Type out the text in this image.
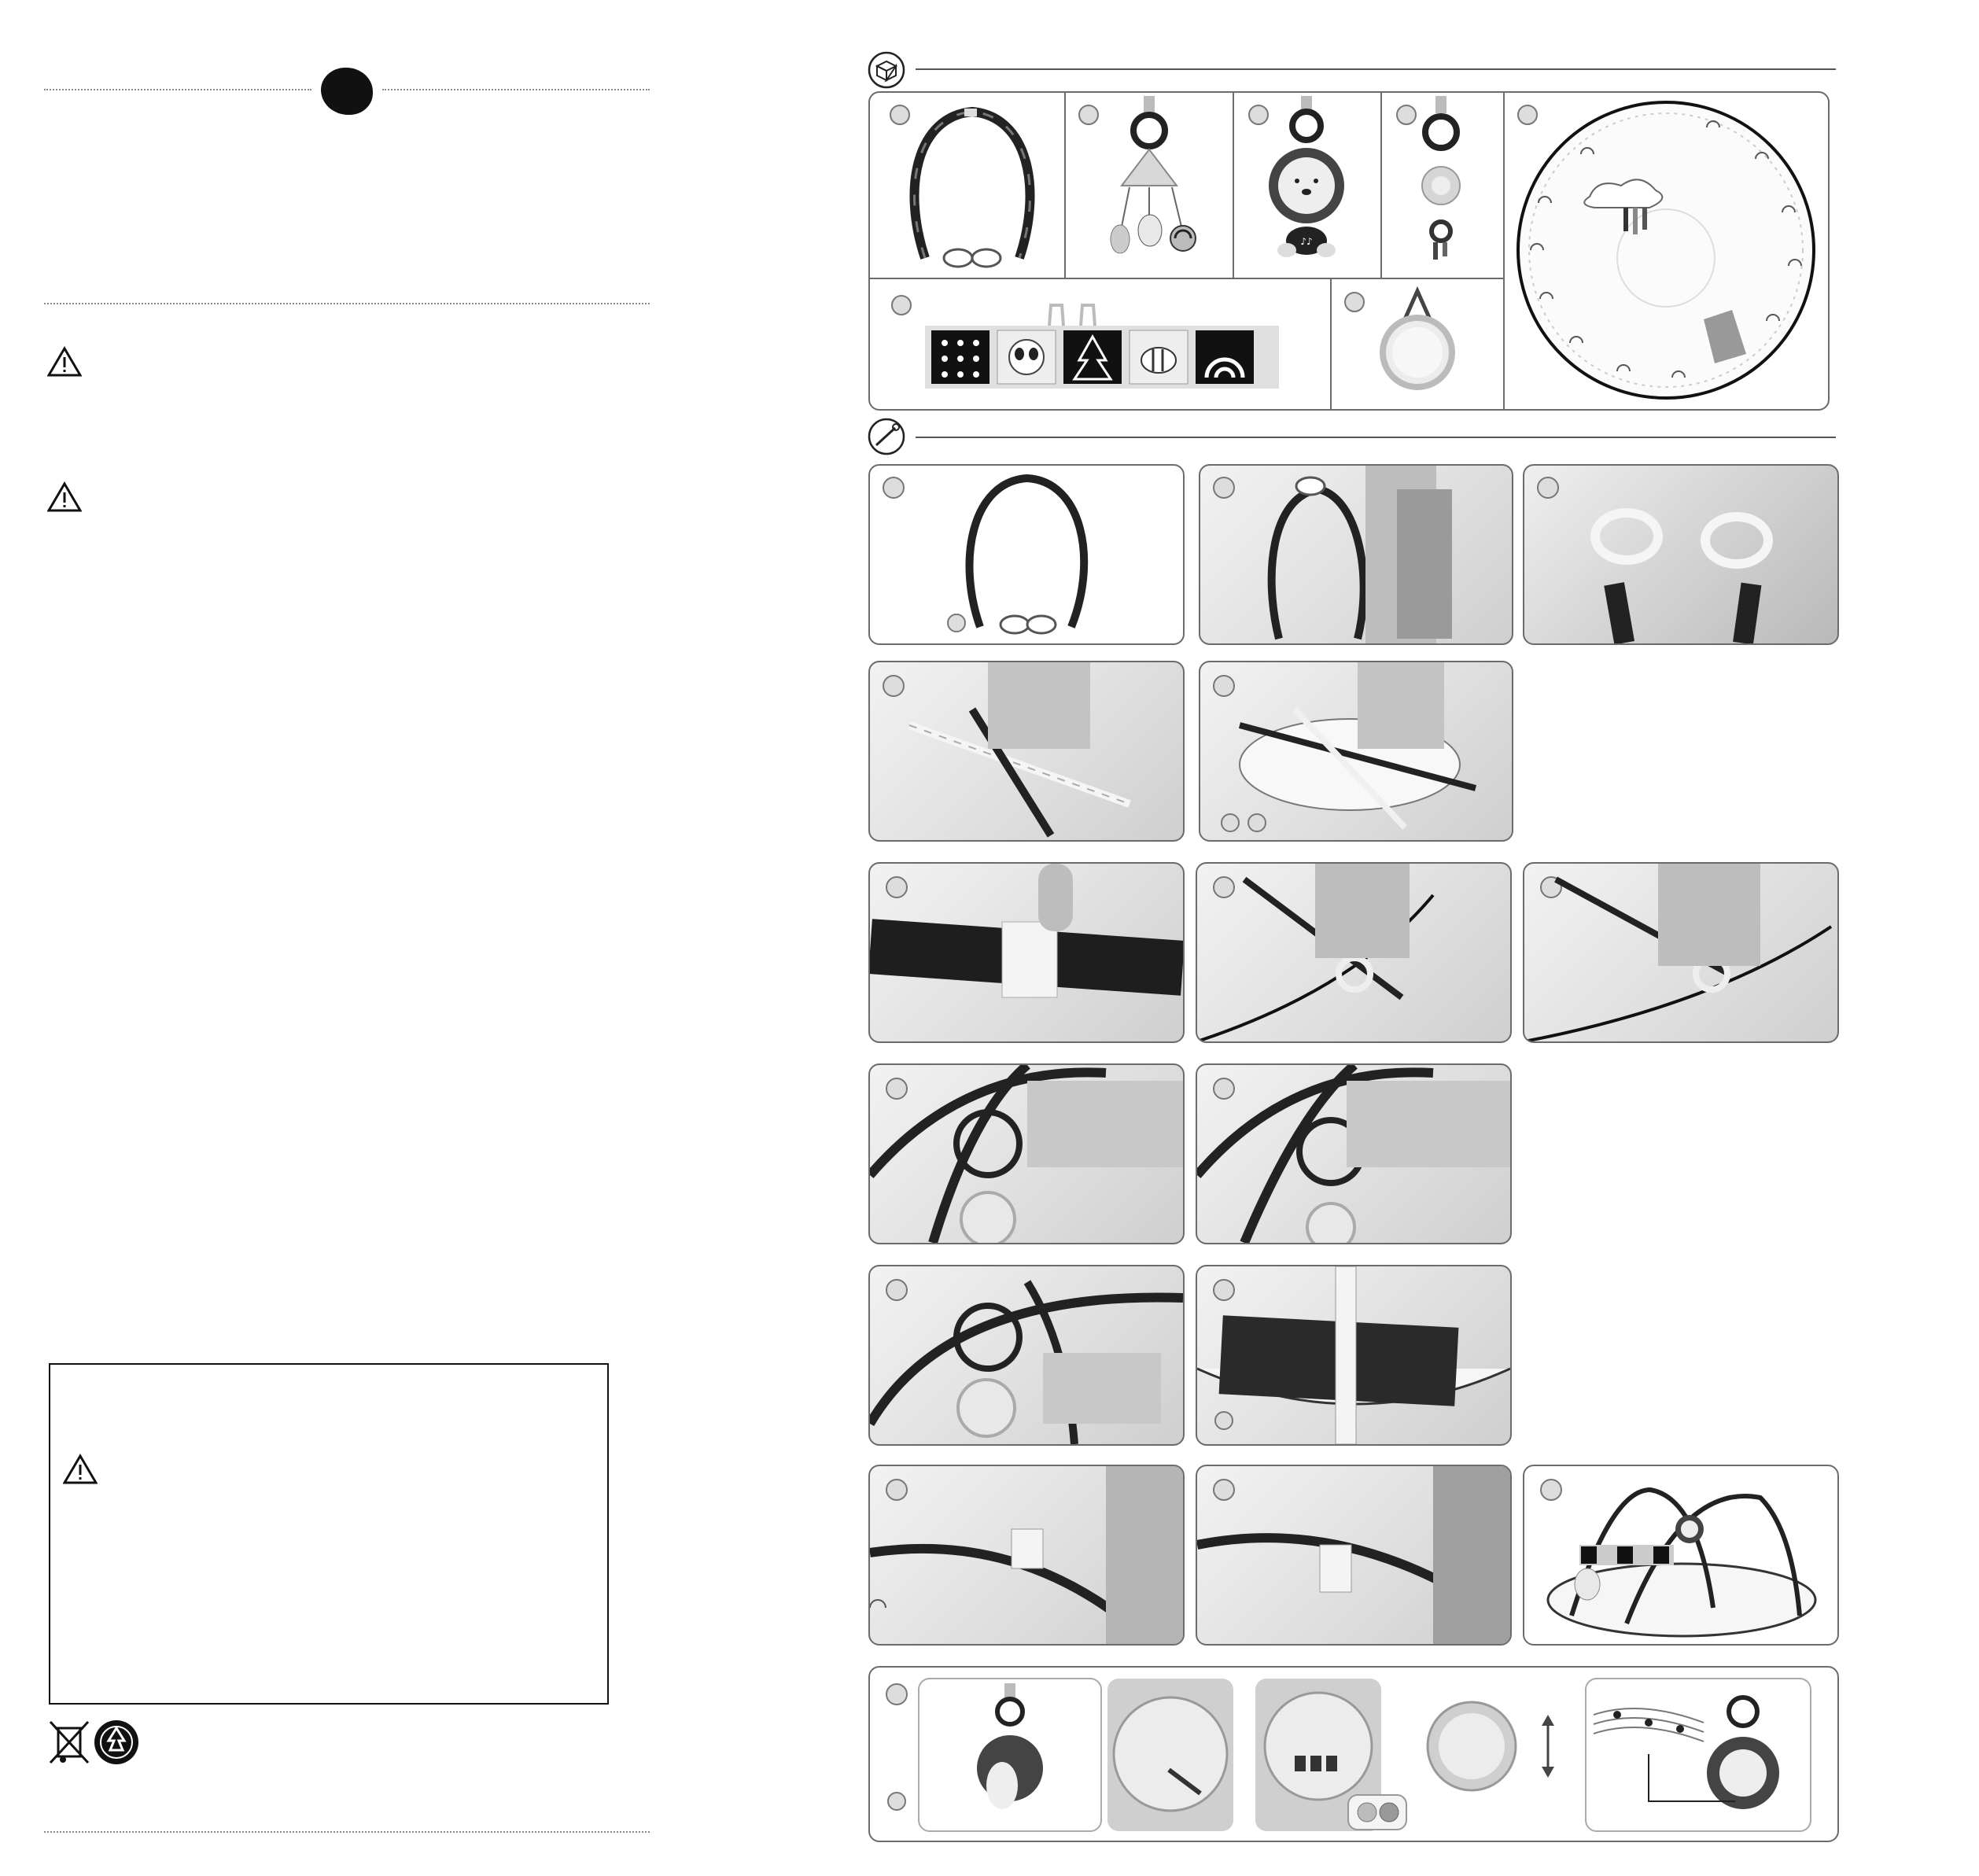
♪♪
